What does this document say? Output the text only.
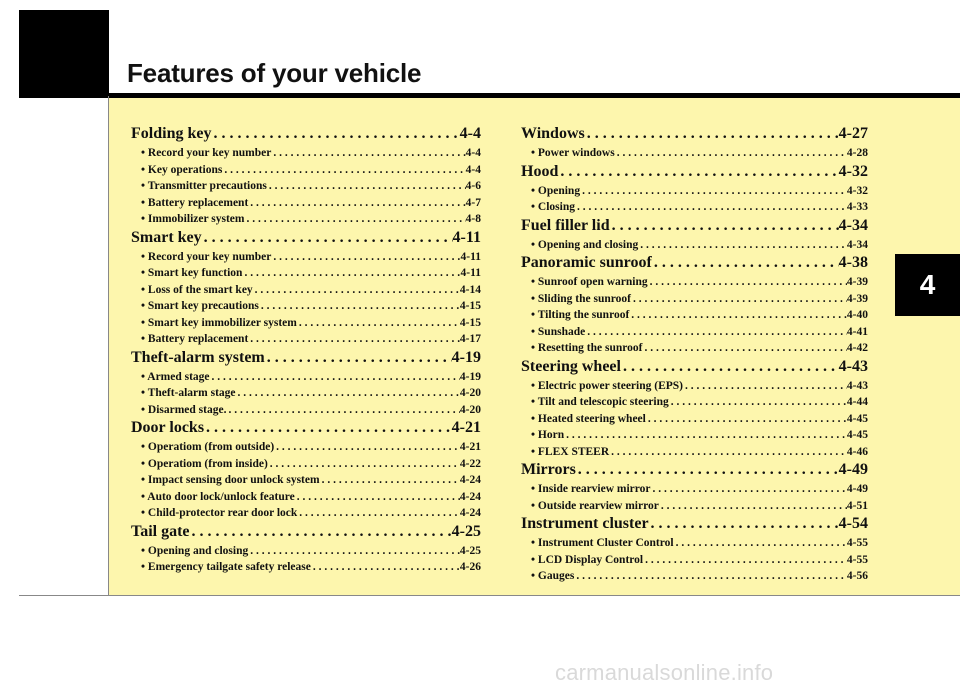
Features of your vehicle
4
Folding key . . .	4-4
• Record your key number . . .	4-4
• Key operations . . .	4-4
• Transmitter precautions . . .	4-6
• Battery replacement . . .	4-7
• Immobilizer system . . .	4-8
Smart key . . .	4-11
• Record your key number . . .	4-11
• Smart key function . . .	4-11
• Loss of the smart key . . .	4-14
• Smart key precautions . . .	4-15
• Smart key immobilizer system . . .	4-15
• Battery replacement . . .	4-17
Theft-alarm system . . .	4-19
• Armed stage . . .	4-19
• Theft-alarm stage . . .	4-20
• Disarmed stage. . . .	4-20
Door locks . . .	4-21
• Operatiom (from outside) . . .	4-21
• Operatiom (from inside) . . .	4-22
• Impact sensing door unlock system . . .	4-24
• Auto door lock/unlock feature . . .	4-24
• Child-protector rear door lock . . .	4-24
Tail gate . . .	4-25
• Opening and closing . . .	4-25
• Emergency tailgate safety release . . .	4-26
Windows . . .	4-27
• Power windows . . .	4-28
Hood . . .	4-32
• Opening . . .	4-32
• Closing . . .	4-33
Fuel filler lid . . .	4-34
• Opening and closing . . .	4-34
Panoramic sunroof . . .	4-38
• Sunroof open warning . . .	4-39
• Sliding the sunroof . . .	4-39
• Tilting the sunroof . . .	4-40
• Sunshade . . .	4-41
• Resetting the sunroof . . .	4-42
Steering wheel . . .	4-43
• Electric power steering (EPS) . . .	4-43
• Tilt and telescopic steering . . .	4-44
• Heated steering wheel . . .	4-45
• Horn . . .	4-45
• FLEX STEER . . .	4-46
Mirrors . . .	4-49
• Inside rearview mirror . . .	4-49
• Outside rearview mirror . . .	4-51
Instrument cluster . . .	4-54
• Instrument Cluster Control . . .	4-55
• LCD Display Control . . .	4-55
• Gauges . . .	4-56
carmanualsonline.info
